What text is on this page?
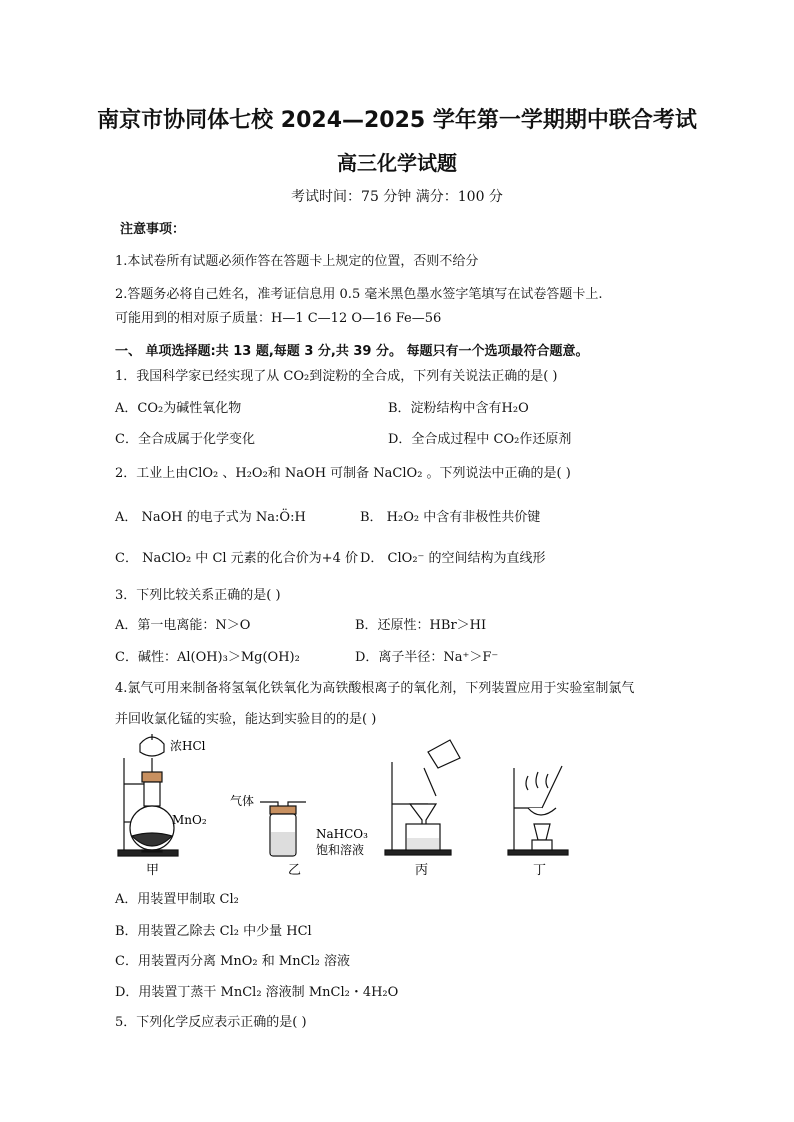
南京市协同体七校 2024—2025 学年第一学期期中联合考试
高三化学试题
考试时间：75 分钟 满分：100 分
注意事项：
1.本试卷所有试题必须作答在答题卡上规定的位置，否则不给分
2.答题务必将自己姓名，准考证信息用 0.5 毫米黑色墨水签字笔填写在试卷答题卡上.
可能用到的相对原子质量：H—1 C—12 O—16 Fe—56
一、 单项选择题:共 13 题,每题 3 分,共 39 分。 每题只有一个选项最符合题意。
1．我国科学家已经实现了从 CO₂到淀粉的全合成，下列有关说法正确的是( )
A．CO₂为碱性氧化物	B．淀粉结构中含有H₂O
C．全合成属于化学变化	D．全合成过程中 CO₂作还原剂
2．工业上由ClO₂ 、H₂O₂和 NaOH 可制备 NaClO₂ 。下列说法中正确的是( )
A． NaOH 的电子式为 Na:Ö:H	B． H₂O₂ 中含有非极性共价键
C． NaClO₂ 中 Cl 元素的化合价为+4 价 D． ClO₂⁻ 的空间结构为直线形
3．下列比较关系正确的是( )
A．第一电离能：N＞O	B．还原性：HBr＞HI
C．碱性：Al(OH)₃＞Mg(OH)₂	D．离子半径：Na⁺＞F⁻
4.氯气可用来制备将氢氧化铁氧化为高铁酸根离子的氧化剂，下列装置应用于实验室制氯气
并回收氯化锰的实验，能达到实验目的的是( )
浓HCl
MnO₂
甲
气体
NaHCO₃
饱和溶液
乙	丙	丁
A．用装置甲制取 Cl₂
B．用装置乙除去 Cl₂ 中少量 HCl
C．用装置丙分离 MnO₂ 和 MnCl₂ 溶液
D．用装置丁蒸干 MnCl₂ 溶液制 MnCl₂・4H₂O
5．下列化学反应表示正确的是( )
